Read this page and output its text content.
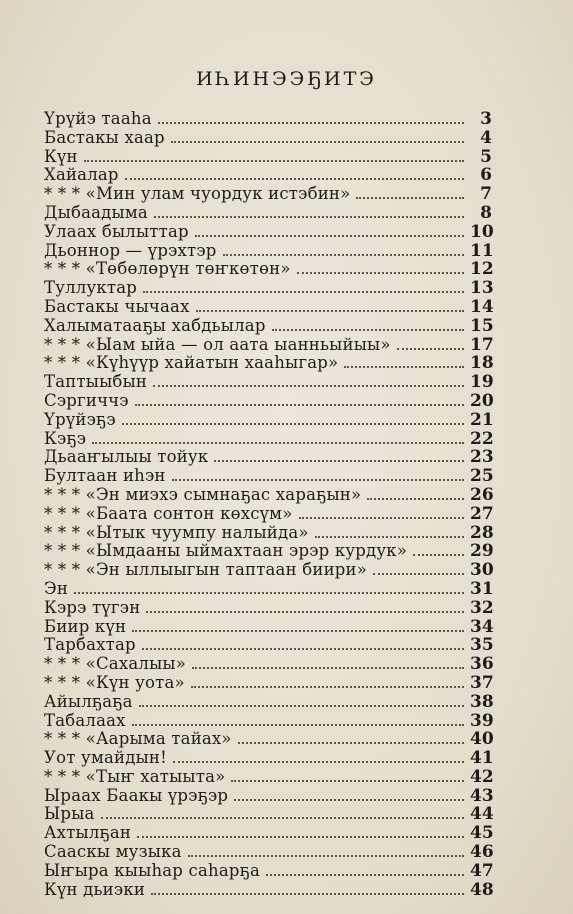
ИҺИНЭЭҔИТЭ
Үрүйэ тааһа	3
Бастакы хаар	4
Күн	5
Хайалар	6
* * * «Мин улам чуордук истэбин»	7
Дыбаадыма	8
Улаах былыттар	10
Дьоннор — үрэхтэр	11
* * * «Төбөлөрүн төҥкөтөн»	12
Туллуктар	13
Бастакы чычаах	14
Халыматааҕы хабдьылар	15
* * * «Ыам ыйа — ол аата ыанньыйыы»	17
* * * «Күһүүр хайатын хааһыгар»	18
Таптыыбын	19
Сэргиччэ	20
Үрүйэҕэ	21
Кэҕэ	22
Дьааҥылыы тойук	23
Бултаан иһэн	25
* * * «Эн миэхэ сымнаҕас хараҕын»	26
* * * «Баата сонтон көхсүм»	27
* * * «Ытык чуумпу налыйда»	28
* * * «Ымдааны ыймахтаан эрэр курдук»	29
* * * «Эн ыллыыгын таптаан биири»	30
Эн	31
Кэрэ түгэн	32
Биир күн	34
Тарбахтар	35
* * * «Сахалыы»	36
* * * «Күн уота»	37
Айылҕаҕа	38
Табалаах	39
* * * «Аарыма тайах»	40
Уот умайдын!	41
* * * «Тыҥ хатыыта»	42
Ыраах Баакы үрэҕэр	43
Ырыа	44
Ахтылҕан	45
Сааскы музыка	46
Ыҥыра кыыһар саһарҕа	47
Күн дьиэки	48
